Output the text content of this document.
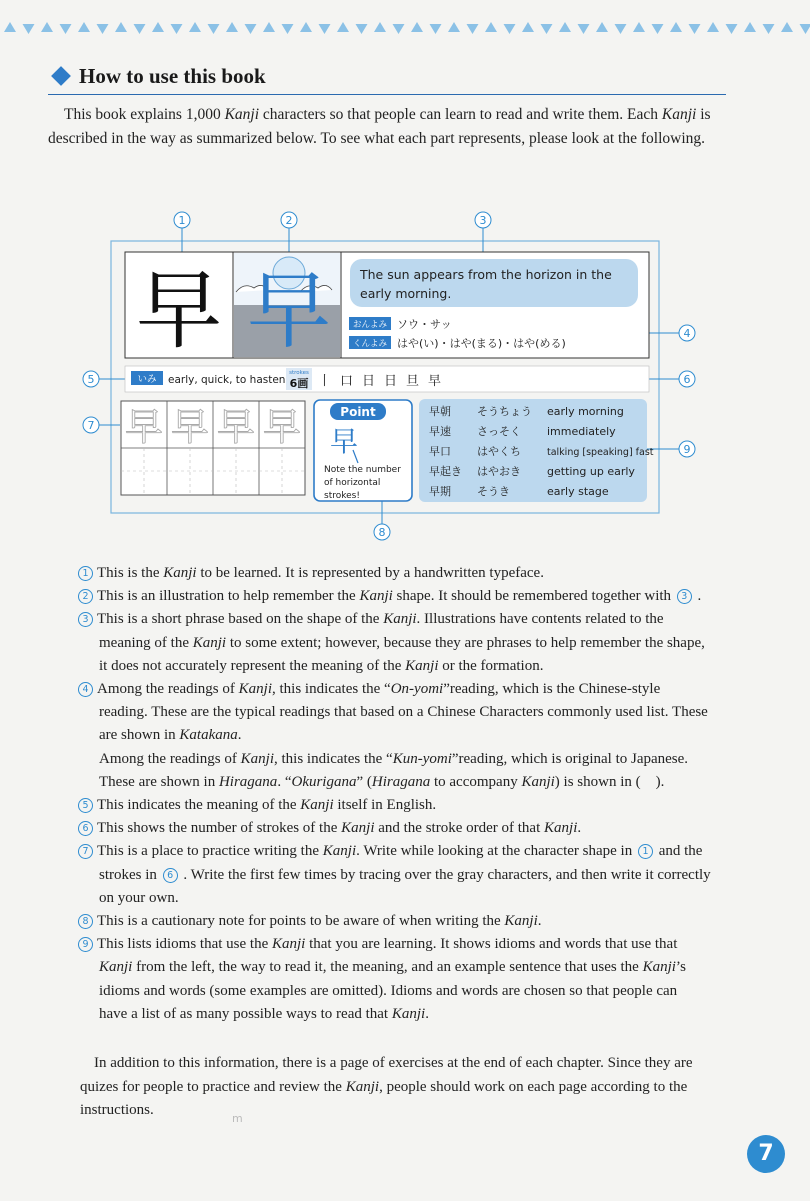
How to use this book
This book explains 1,000 Kanji characters so that people can learn to read and write them. Each Kanji is described in the way as summarized below. To see what each part represents, please look at the following.
1	2	3
4
5	6
7
8
9
早 早 The sun appears from the horizon in the
early morning.
おんよみ ソウ・サッ
くんよみ はや(い)・はや(まる)・はや(める)
いみ early, quick, to hasten
strokes
6画 丨 口 日 日 旦 早
早 早 早 早	Point
早
Note the number
of horizontal
strokes!
早朝 そうちょう early morning
早速 さっそく immediately
早口 はやくち	talking [speaking] fast
早起き はやおき getting up early
早期 そうき	early stage

1 This is the Kanji to be learned. It is represented by a handwritten typeface.

2 This is an illustration to help remember the Kanji shape. It should be remembered together with 3 .

3 This is a short phrase based on the shape of the Kanji. Illustrations have contents related to the

meaning of the Kanji to some extent; however, because they are phrases to help remember the shape,

it does not accurately represent the meaning of the Kanji or the formation.

4 Among the readings of Kanji, this indicates the “On-yomi”reading, which is the Chinese-style

reading. These are the typical readings that based on a Chinese Characters commonly used list. These

are shown in Katakana.

Among the readings of Kanji, this indicates the “Kun-yomi”reading, which is original to Japanese.

These are shown in Hiragana. “Okurigana” (Hiragana to accompany Kanji) is shown in ( ).

5 This indicates the meaning of the Kanji itself in English.

6 This shows the number of strokes of the Kanji and the stroke order of that Kanji.

7 This is a place to practice writing the Kanji. Write while looking at the character shape in 1 and the

strokes in 6 . Write the first few times by tracing over the gray characters, and then write it correctly

on your own.

8 This is a cautionary note for points to be aware of when writing the Kanji.

9 This lists idioms that use the Kanji that you are learning. It shows idioms and words that use that

Kanji from the left, the way to read it, the meaning, and an example sentence that uses the Kanji’s

idioms and words (some examples are omitted). Idioms and words are chosen so that people can

have a list of as many possible ways to read that Kanji.

In addition to this information, there is a page of exercises at the end of each chapter. Since they are quizes for people to practice and review the Kanji, people should work on each page according to the instructions.
m
7
